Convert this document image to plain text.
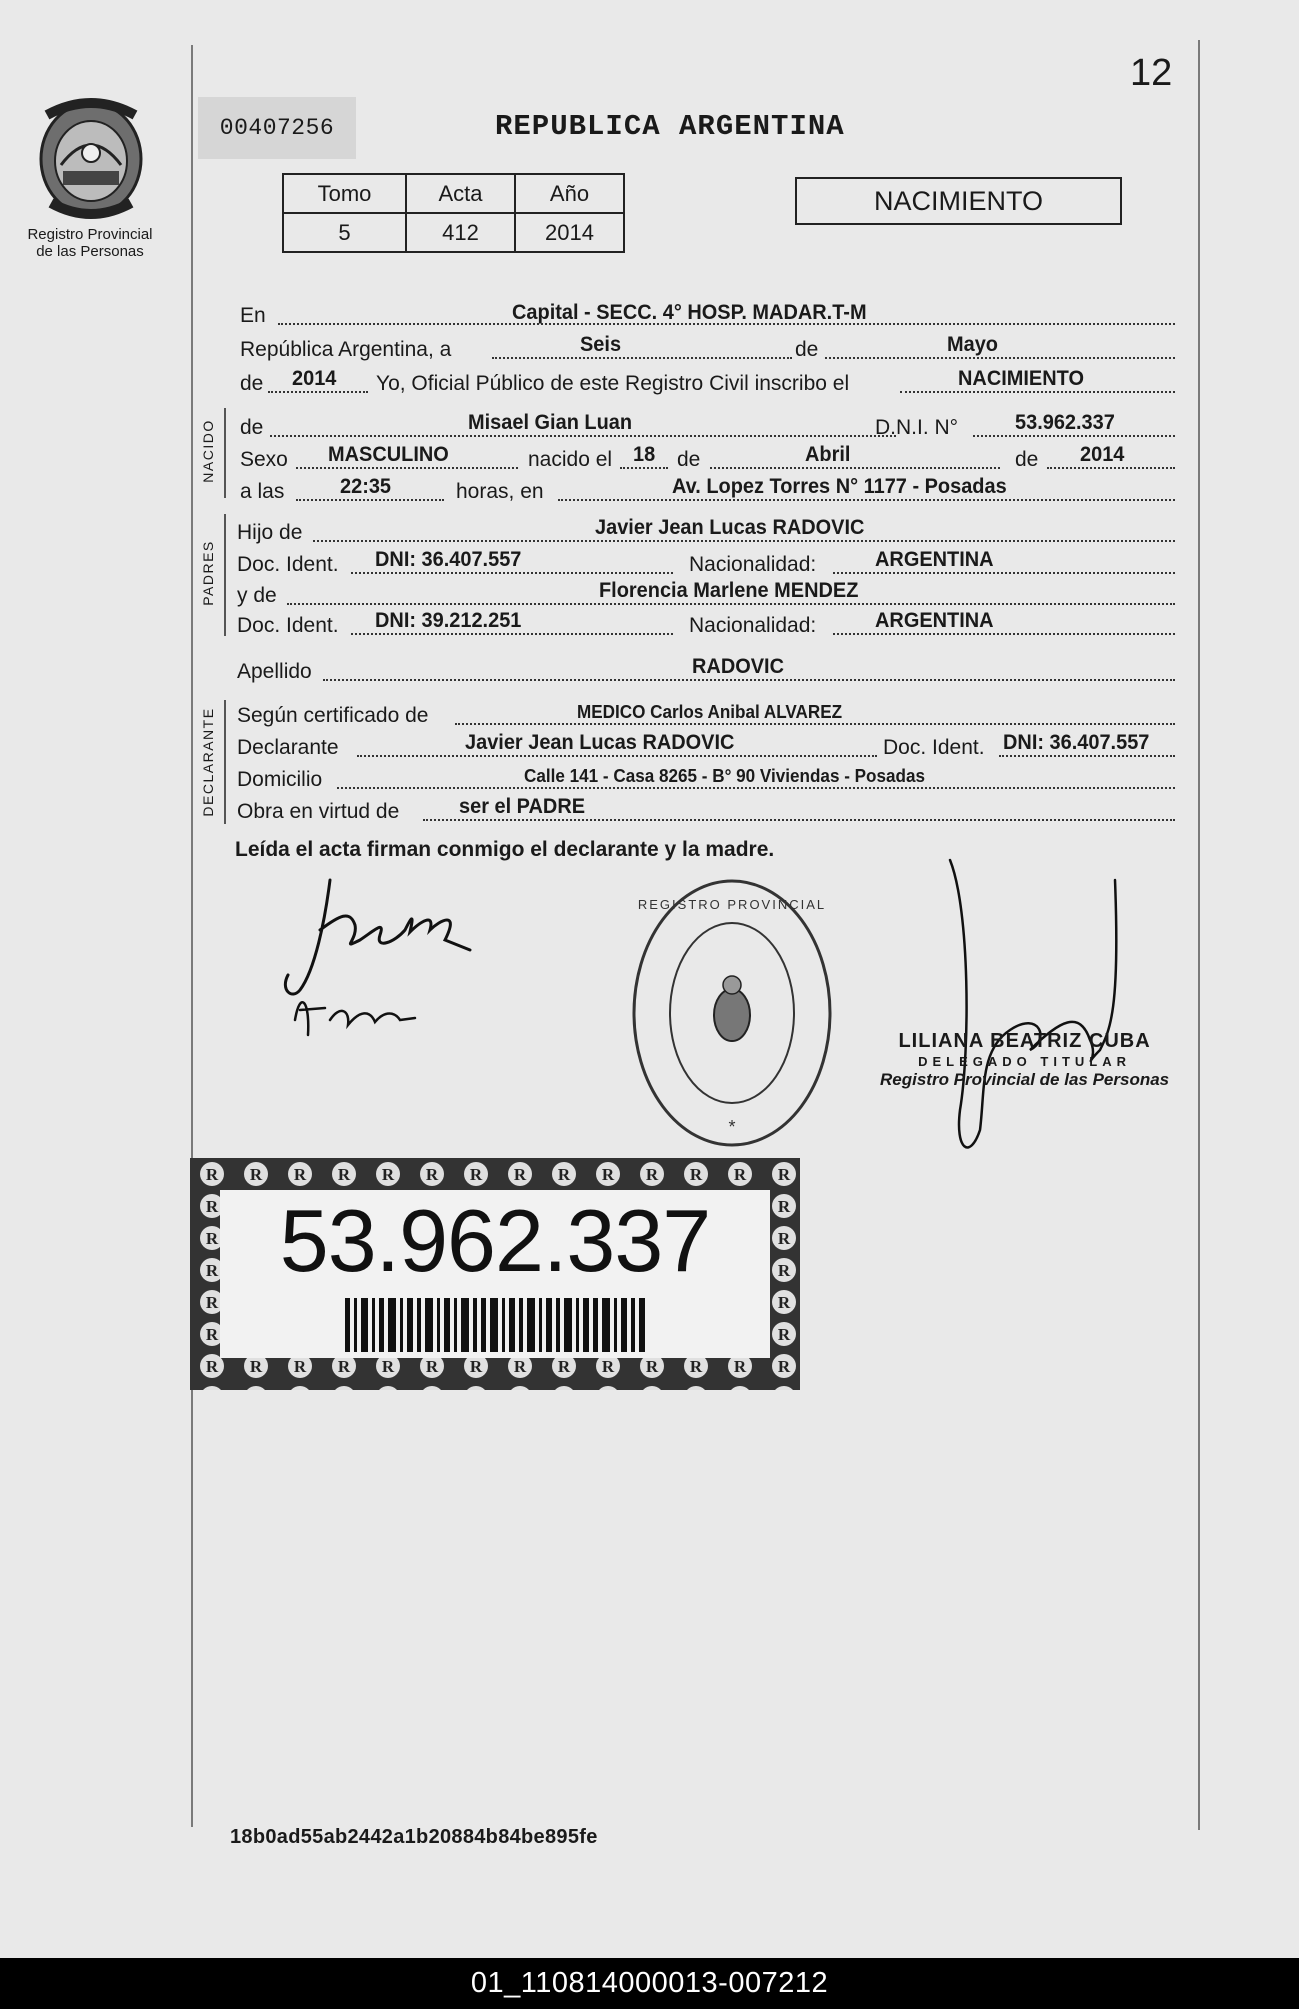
12
Registro Provincial
de las Personas
00407256	REPUBLICA ARGENTINA
Tomo	Acta	Año
5	412	2014
NACIMIENTO
En	Capital - SECC. 4° HOSP. MADAR.T-M
República Argentina, a	Seis	de	Mayo
de 2014 Yo, Oficial Público de este Registro Civil inscribo el	NACIMIENTO
NACIDO de	Misael Gian Luan	D.N.I. N°	53.962.337
Sexo MASCULINO	nacido el 18 de	Abril	de 2014
a las	22:35	horas, en	Av. Lopez Torres N° 1177 - Posadas
PADRES
Hijo de	Javier Jean Lucas RADOVIC
Doc. Ident. DNI: 36.407.557	Nacionalidad:	ARGENTINA
y de	Florencia Marlene MENDEZ
Doc. Ident. DNI: 39.212.251	Nacionalidad:	ARGENTINA
Apellido	RADOVIC
DECLARANTE Según certificado de	MEDICO Carlos Anibal ALVAREZ
Declarante	Javier Jean Lucas RADOVIC	Doc. Ident. DNI: 36.407.557
Domicilio	Calle 141 - Casa 8265 - B° 90 Viviendas - Posadas
Obra en virtud de	ser el PADRE
Leída el acta firman conmigo el declarante y la madre.
REGISTRO PROVINCIAL
*
LILIANA BEATRIZ CUBA
DELEGADO TITULAR
Registro Provincial de las Personas
53.962.337
18b0ad55ab2442a1b20884b84be895fe
01_110814000013-007212
